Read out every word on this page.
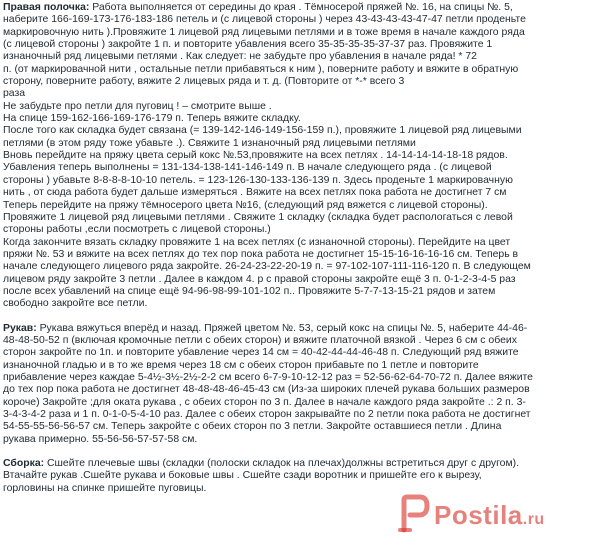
Правая полочка: Работа выполняется от середины до края . Тёмносерой пряжей №. 16, на спицы №. 5,
наберите 166-169-173-176-183-186 петель и (с лицевой стороны ) через 43-43-43-43-47-47 петли проденьте
маркировочную нить ).Провяжите 1 лицевой ряд лицевыми петлями и в тоже время в начале каждого ряда
(с лицевой стороны ) закройте 1 п. и повторите убавления всего 35-35-35-35-37-37 раз. Провяжите 1
изнаночный ряд лицевыми петлями . Как следует: не забудьте про убавления в начале ряда! * 72
п. (от маркировачной нити , остальные петли прибавяться к ним ), поверните работу и вяжите в обратную
сторону, поверните работу, вяжите 2 лицевых ряда и т. д. (Повторите от *-* всего 3
раза
Не забудьте про петли для пуговиц ! – смотрите выше .
На спице 159-162-166-169-176-179 п. Теперь вяжите складку.
После того как складка будет связана (= 139-142-146-149-156-159 п.), провяжите 1 лицевой ряд лицевыми
петлями (в этом ряду тоже убавьте .). Свяжите 1 изнаночный ряд лицевыми петлями
Вновь перейдите на пряжу цвета серый кокс №.53,провяжите на всех петлях . 14-14-14-14-18-18 рядов.
Убавления теперь выполнены = 131-134-138-141-146-149 п. В начале следующего ряда . (с лицевой
стороны ) убавьте 8-8-8-8-10-10 петель. = 123-126-130-133-136-139 п. Здесь проденьте 1 маркировачную
нить , от сюда работа будет дальше измеряться . Вяжите на всех петлях пока работа не достигнет 7 см
Теперь перейдите на пряжу тёмносерого цвета №16, (следующий ряд вяжется с лицевой стороны).
Провяжите 1 лицевой ряд лицевыми петлями . Свяжите 1 складку (складка будет распологаться с левой
стороны работы ,если посмотреть с лицевой стороны.)
Когда закончите вязать складку провяжите 1 на всех петлях (с изнаночной стороны). Перейдите на цвет
пряжи №. 53 и вяжите на всех петлях до тех пор пока работа не достигнет 15-15-16-16-16-16 см. Теперь в
начале следующего лицевого ряда закройте. 26-24-23-22-20-19 п. = 97-102-107-111-116-120 п. В следующем
лицевом ряду закройте 3 петли . Далее в каждом 4. р с правой стороны закройте ещё 3 п. 0-1-2-3-4-5 раз
после всех убавлений на спице ещё 94-96-98-99-101-102 п.. Провяжите 5-7-7-13-15-21 рядов и затем
свободно закройте все петли.

Рукав: Рукава вяжуться вперёд и назад. Пряжей цветом №. 53, серый кокс на спицы №. 5, наберите 44-46-
48-48-50-52 п (включая кромочные петли с обеих сторон) и вяжите платочной вязкой . Через 6 см с обеих
сторон закройте по 1п. и повторите убавление через 14 см = 40-42-44-44-46-48 п. Следующий ряд вяжите
изнаночной гладью и в то же время через 18 см с обеих сторон прибавьте по 1 петле и повторите
прибавление через каждае 5-4½-3½-2½-2-2 см всего 6-7-9-10-12-12 раз = 52-56-62-64-70-72 п. Далее вяжите
до тех пор пока работа не достигнет 48-48-48-46-45-43 см (Из-за широких плечей рукава больших размеров
короче) Закройте ;для оката рукава , с обеих сторон по 3 п. Далее в начале каждого ряда закройте .: 2 п. 3-
3-4-3-4-2 раза и 1 п. 0-1-0-5-4-10 раз. Далее с обеих сторон закрывайте по 2 петли пока работа не достигнет
54-55-55-56-56-57 см. Теперь закройте с обеих сторон по 3 петли. Закройте оставшиеся петли . Длина
рукава примерно. 55-56-56-57-57-58 см.

Сборка: Сшейте плечевые швы (складки (полоски складок на плечах)должны встретиться друг с другом).
Втачайте рукав .Сшейте рукава и боковые швы . Сшейте сзади воротник и пришейте его к вырезу,
горловины на спинке пришейте пуговицы.

Postila.ru
